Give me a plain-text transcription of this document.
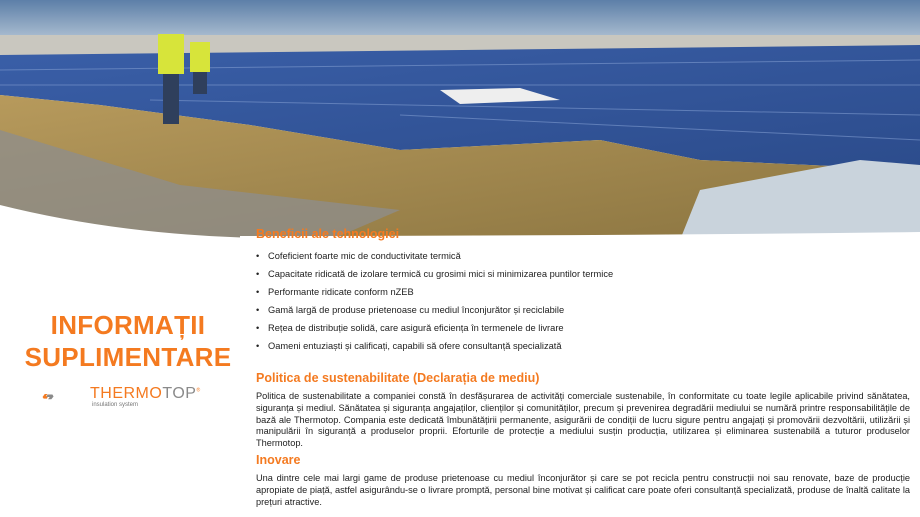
INFORMAȚII
SUPLIMENTARE
THERMOTOP®
insulation system
Beneficii ale tehnologiei
• Cofeficient foarte mic de conductivitate termică
• Capacitate ridicată de izolare termică cu grosimi mici si minimizarea puntilor termice
• Performante ridicate conform nZEB
• Gamă largă de produse prietenoase cu mediul înconjurător și reciclabile
• Rețea de distribuție solidă, care asigură eficiența în termenele de livrare
• Oameni entuziaști și calificați, capabili să ofere consultanță specializată
Politica de sustenabilitate (Declarația de mediu)
Politica de sustenabilitate a companiei constă în desfășurarea de activități comerciale sustenabile, în conformitate cu toate legile aplicabile privind sănătatea, siguranța și mediul. Sănătatea și siguranța angajaților, clienților și comunităților, precum și prevenirea degradării mediului se numără printre responsabilitățile de bază ale Thermotop. Compania este dedicată îmbunătățirii permanente, asigurării de condiții de lucru sigure pentru angajați și promovării dezvoltării, utilizării și manipulării în siguranță a produselor proprii. Eforturile de protecție a mediului susțin producția, utilizarea și eliminarea sustenabilă a tuturor produselor Thermotop.
Inovare
Una dintre cele mai largi game de produse prietenoase cu mediul înconjurător și care se pot recicla pentru construcții noi sau renovate, baze de producție apropiate de piață, astfel asigurându-se o livrare promptă, personal bine motivat și calificat care poate oferi consultanță specializată, produse de înaltă calitate la prețuri atractive.
